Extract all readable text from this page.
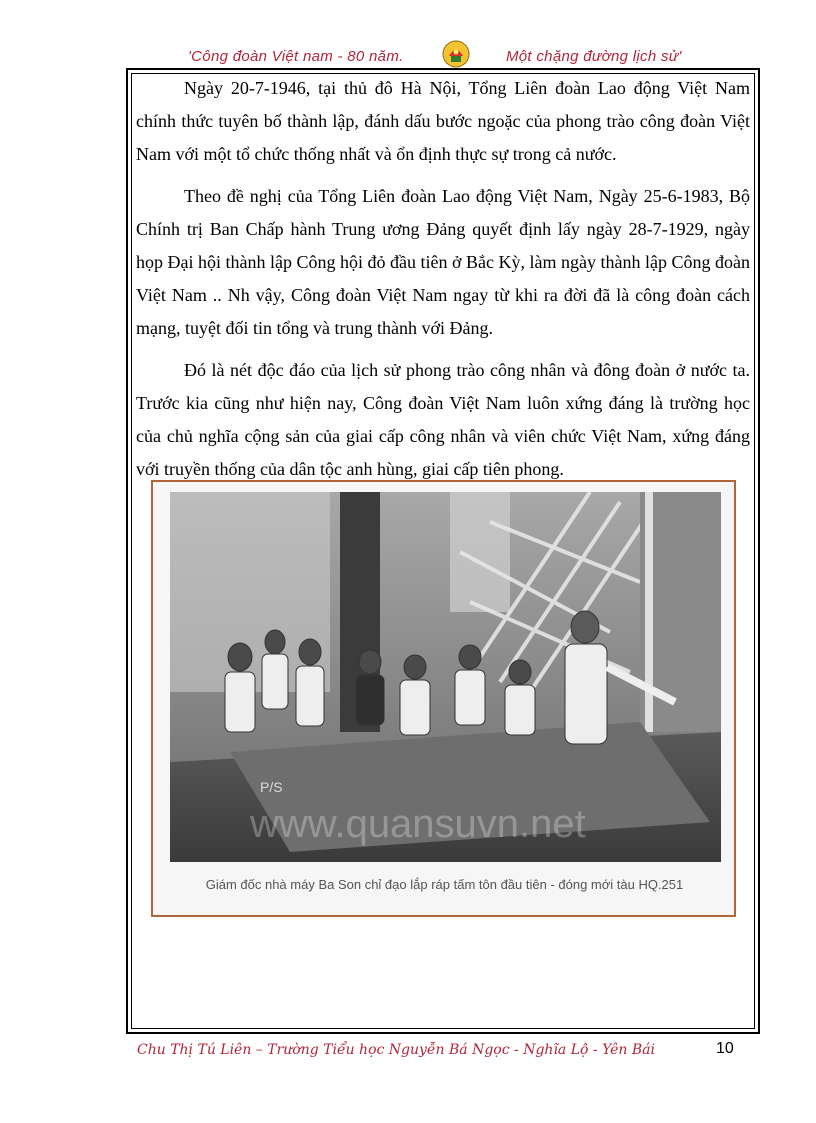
'Công đoàn Việt nam - 80 năm.	Một chặng đường lịch sử'

Ngày 20-7-1946, tại thủ đô Hà Nội, Tổng Liên đoàn Lao động Việt Nam chính thức tuyên bố thành lập, đánh dấu bước ngoặc của phong trào công đoàn Việt Nam với một tổ chức thống nhất và ổn định thực sự trong cả nước.

Theo đề nghị của Tổng Liên đoàn Lao động Việt Nam, Ngày 25-6-1983, Bộ Chính trị Ban Chấp hành Trung ương Đảng quyết định lấy ngày 28-7-1929, ngày họp Đại hội thành lập Công hội đỏ đầu tiên ở Bắc Kỳ, làm ngày thành lập Công đoàn Việt Nam .. Nh vậy, Công đoàn Việt Nam ngay từ khi ra đời đã là công đoàn cách mạng, tuyệt đối tin tổng và trung thành với Đảng.

Đó là nét độc đáo của lịch sử phong trào công nhân và đông đoàn ở nước ta. Trước kia cũng như hiện nay, Công đoàn Việt Nam luôn xứng đáng là trường học của chủ nghĩa cộng sản của giai cấp công nhân và viên chức Việt Nam, xứng đáng với truyền thống của dân tộc anh hùng, giai cấp tiên phong.

P/S
www.quansuvn.net
Giám đốc nhà máy Ba Son chỉ đạo lắp ráp tấm tôn đầu tiên - đóng mới tàu HQ.251
Chu Thị Tú Liên – Trường Tiểu học Nguyễn Bá Ngọc - Nghĩa Lộ - Yên Bái	10
